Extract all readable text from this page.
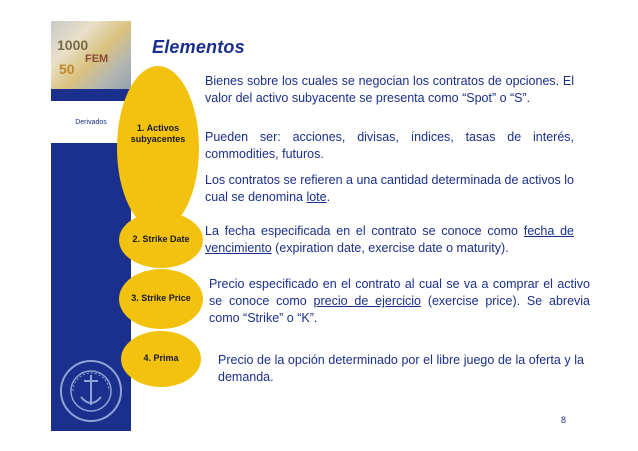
1000
FEM
50
Derivados
Elementos
1. Activos subyacentes
2. Strike Date
3. Strike Price
4. Prima
Bienes sobre los cuales se negocian los contratos de opciones. El valor del activo subyacente se presenta como “Spot” o “S”.
Pueden ser: acciones, divisas, índices, tasas de interés, commodities, futuros.
Los contratos se refieren a una cantidad determinada de activos lo cual se denomina lote.
La fecha especificada en el contrato se conoce como fecha de vencimiento (expiration date, exercise date o maturity).
Precio especificado en el contrato al cual se va a comprar el activo se conoce como precio de ejercicio (exercise price). Se abrevia como “Strike” o “K”.
Precio de la opción determinado por el libre juego de la oferta y la demanda.
8
